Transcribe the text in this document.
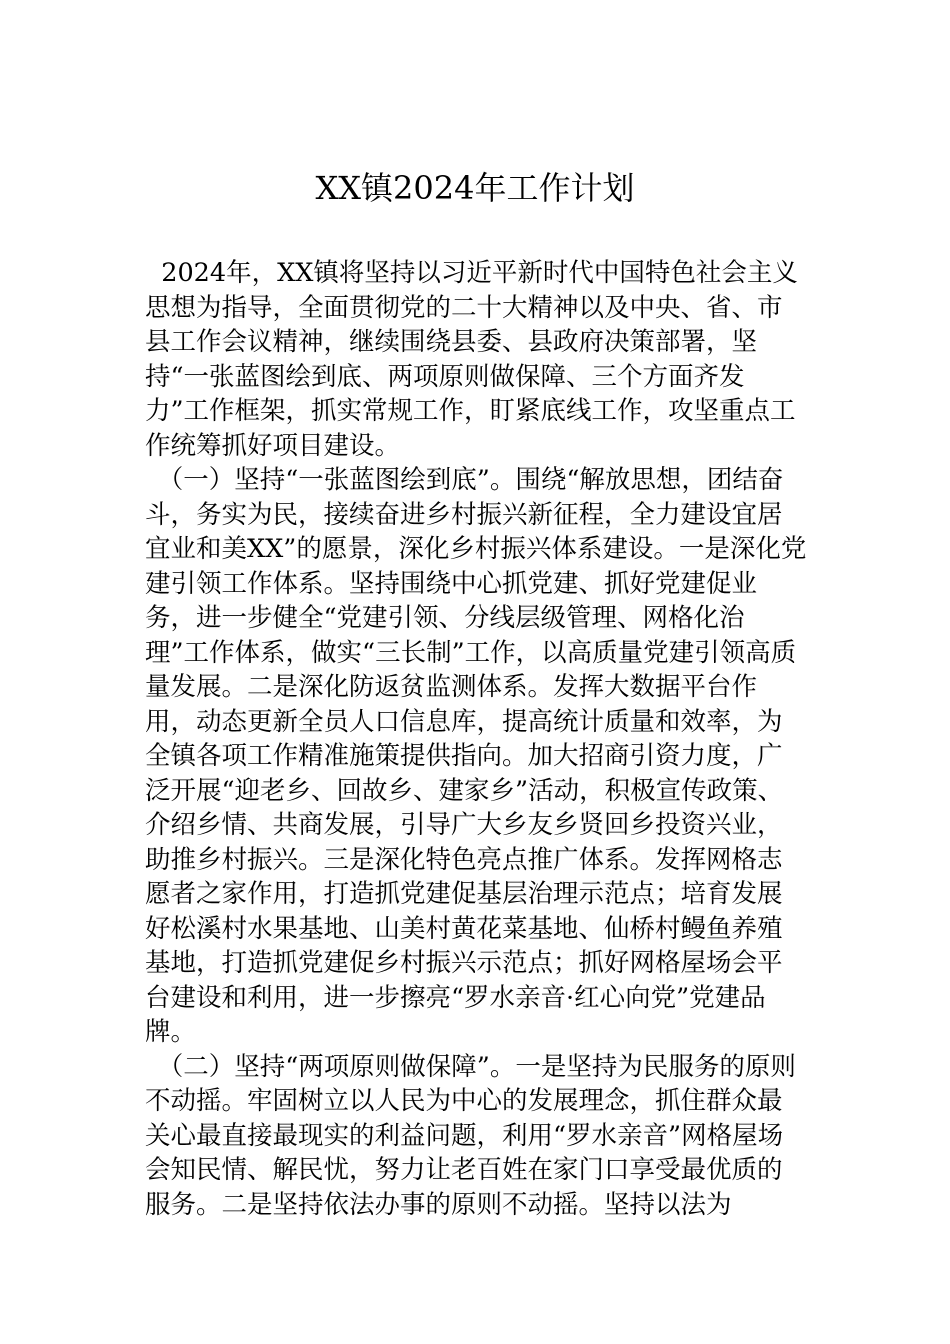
XX镇2024年工作计划

2024年，XX镇将坚持以习近平新时代中国特色社会主义思想为指导，全面贯彻党的二十大精神以及中央、省、市县工作会议精神，继续围绕县委、县政府决策部署，坚持“一张蓝图绘到底、两项原则做保障、三个方面齐发力”工作框架，抓实常规工作，盯紧底线工作，攻坚重点工作统筹抓好项目建设。

（一）坚持“一张蓝图绘到底”。围绕“解放思想，团结奋斗，务实为民，接续奋进乡村振兴新征程，全力建设宜居宜业和美XX”的愿景，深化乡村振兴体系建设。一是深化党建引领工作体系。坚持围绕中心抓党建、抓好党建促业务，进一步健全“党建引领、分线层级管理、网格化治理”工作体系，做实“三长制”工作，以高质量党建引领高质量发展。二是深化防返贫监测体系。发挥大数据平台作用，动态更新全员人口信息库，提高统计质量和效率，为全镇各项工作精准施策提供指向。加大招商引资力度，广泛开展“迎老乡、回故乡、建家乡”活动，积极宣传政策、介绍乡情、共商发展，引导广大乡友乡贤回乡投资兴业，助推乡村振兴。三是深化特色亮点推广体系。发挥网格志愿者之家作用，打造抓党建促基层治理示范点；培育发展好松溪村水果基地、山美村黄花菜基地、仙桥村鳗鱼养殖基地，打造抓党建促乡村振兴示范点；抓好网格屋场会平台建设和利用，进一步擦亮“罗水亲音·红心向党”党建品牌。

（二）坚持“两项原则做保障”。一是坚持为民服务的原则不动摇。牢固树立以人民为中心的发展理念，抓住群众最关心最直接最现实的利益问题，利用“罗水亲音”网格屋场会知民情、解民忧，努力让老百姓在家门口享受最优质的服务。二是坚持依法办事的原则不动摇。坚持以法为
